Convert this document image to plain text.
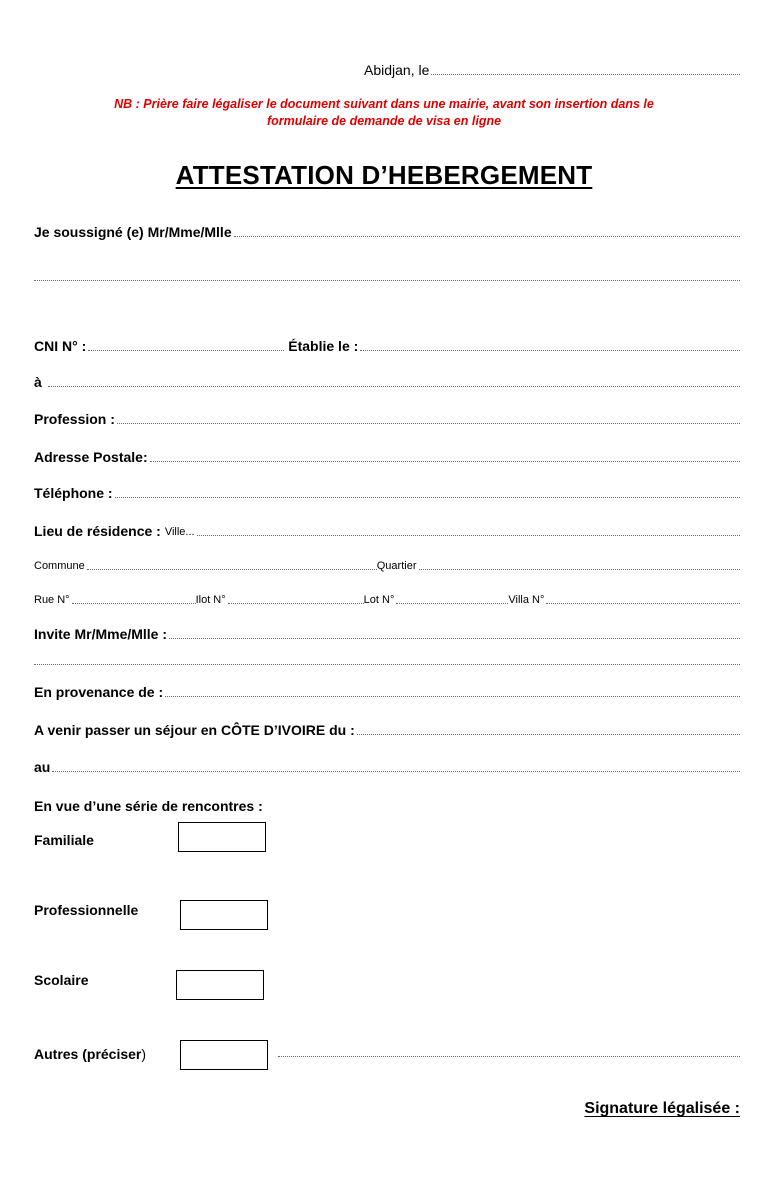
Abidjan, le
NB : Prière faire légaliser le document suivant dans une mairie, avant son insertion dans le
formulaire de demande de visa en ligne
ATTESTATION D’HEBERGEMENT
Je soussigné (e) Mr/Mme/Mlle
CNI N° :	Établie le :
à
Profession :
Adresse Postale:
Téléphone :
Lieu de résidence : Ville...
Commune	Quartier
Rue N°	Ilot N°	Lot N°	Villa N°
Invite Mr/Mme/Mlle :
En provenance de :
A venir passer un séjour en CÔTE D’IVOIRE du :
au
En vue d’une série de rencontres :
Familiale
Professionnelle
Scolaire
Autres (préciser)
Signature légalisée :
